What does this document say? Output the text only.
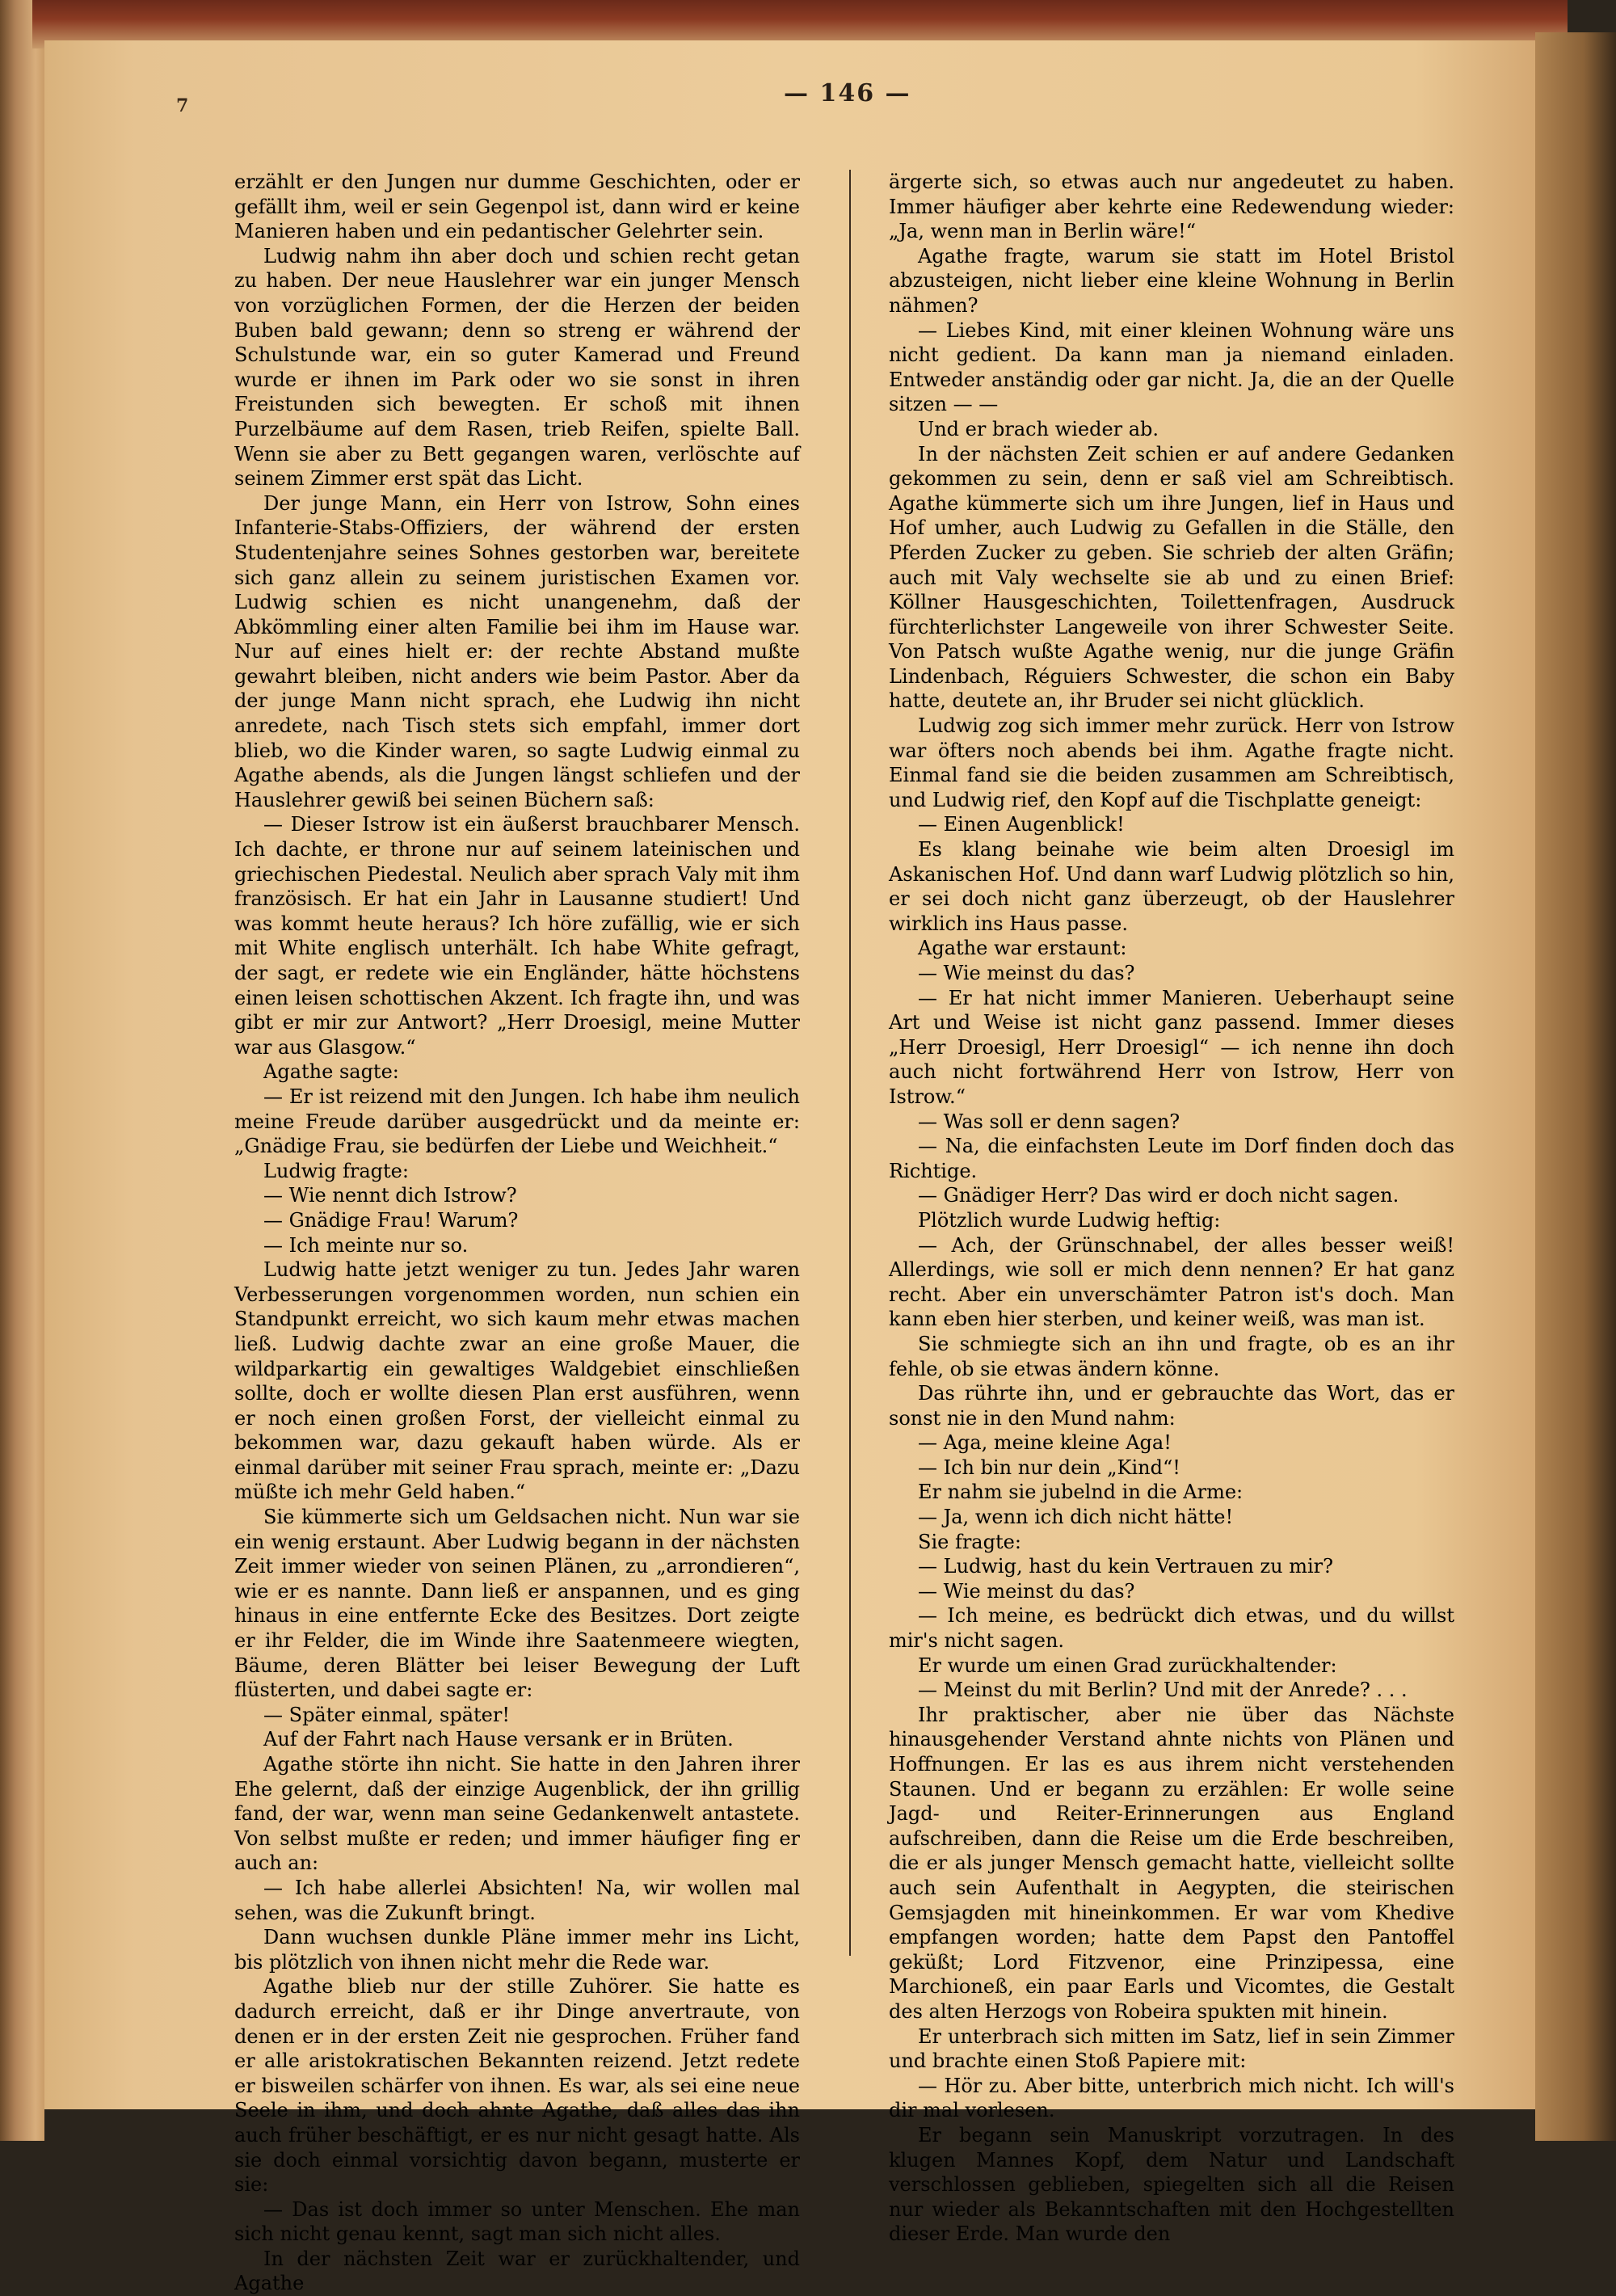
7	— 146 —

erzählt er den Jungen nur dumme Geschichten, oder er gefällt ihm, weil er sein Gegenpol ist, dann wird er keine Manieren haben und ein pedantischer Gelehrter sein.

Ludwig nahm ihn aber doch und schien recht getan zu haben. Der neue Hauslehrer war ein junger Mensch von vorzüglichen Formen, der die Herzen der beiden Buben bald gewann; denn so streng er während der Schulstunde war, ein so guter Kamerad und Freund wurde er ihnen im Park oder wo sie sonst in ihren Freistunden sich bewegten. Er schoß mit ihnen Purzelbäume auf dem Rasen, trieb Reifen, spielte Ball. Wenn sie aber zu Bett gegangen waren, verlöschte auf seinem Zimmer erst spät das Licht.

Der junge Mann, ein Herr von Istrow, Sohn eines Infanterie-Stabs-Offiziers, der während der ersten Studentenjahre seines Sohnes gestorben war, bereitete sich ganz allein zu seinem juristischen Examen vor. Ludwig schien es nicht unangenehm, daß der Abkömmling einer alten Familie bei ihm im Hause war. Nur auf eines hielt er: der rechte Abstand mußte gewahrt bleiben, nicht anders wie beim Pastor. Aber da der junge Mann nicht sprach, ehe Ludwig ihn nicht anredete, nach Tisch stets sich empfahl, immer dort blieb, wo die Kinder waren, so sagte Ludwig einmal zu Agathe abends, als die Jungen längst schliefen und der Hauslehrer gewiß bei seinen Büchern saß:

— Dieser Istrow ist ein äußerst brauchbarer Mensch. Ich dachte, er throne nur auf seinem lateinischen und griechischen Piedestal. Neulich aber sprach Valy mit ihm französisch. Er hat ein Jahr in Lausanne studiert! Und was kommt heute heraus? Ich höre zufällig, wie er sich mit White englisch unterhält. Ich habe White gefragt, der sagt, er redete wie ein Engländer, hätte höchstens einen leisen schottischen Akzent. Ich fragte ihn, und was gibt er mir zur Antwort? „Herr Droesigl, meine Mutter war aus Glasgow.“

Agathe sagte:

— Er ist reizend mit den Jungen. Ich habe ihm neulich meine Freude darüber ausgedrückt und da meinte er: „Gnädige Frau, sie bedürfen der Liebe und Weichheit.“

Ludwig fragte:

— Wie nennt dich Istrow?

— Gnädige Frau! Warum?

— Ich meinte nur so.

Ludwig hatte jetzt weniger zu tun. Jedes Jahr waren Verbesserungen vorgenommen worden, nun schien ein Standpunkt erreicht, wo sich kaum mehr etwas machen ließ. Ludwig dachte zwar an eine große Mauer, die wildparkartig ein gewaltiges Waldgebiet einschließen sollte, doch er wollte diesen Plan erst ausführen, wenn er noch einen großen Forst, der vielleicht einmal zu bekommen war, dazu gekauft haben würde. Als er einmal darüber mit seiner Frau sprach, meinte er: „Dazu müßte ich mehr Geld haben.“

Sie kümmerte sich um Geldsachen nicht. Nun war sie ein wenig erstaunt. Aber Ludwig begann in der nächsten Zeit immer wieder von seinen Plänen, zu „arrondieren“, wie er es nannte. Dann ließ er anspannen, und es ging hinaus in eine entfernte Ecke des Besitzes. Dort zeigte er ihr Felder, die im Winde ihre Saatenmeere wiegten, Bäume, deren Blätter bei leiser Bewegung der Luft flüsterten, und dabei sagte er:

— Später einmal, später!

Auf der Fahrt nach Hause versank er in Brüten.

Agathe störte ihn nicht. Sie hatte in den Jahren ihrer Ehe gelernt, daß der einzige Augenblick, der ihn grillig fand, der war, wenn man seine Gedankenwelt antastete. Von selbst mußte er reden; und immer häufiger fing er auch an:

— Ich habe allerlei Absichten! Na, wir wollen mal sehen, was die Zukunft bringt.

Dann wuchsen dunkle Pläne immer mehr ins Licht, bis plötzlich von ihnen nicht mehr die Rede war.

Agathe blieb nur der stille Zuhörer. Sie hatte es dadurch erreicht, daß er ihr Dinge anvertraute, von denen er in der ersten Zeit nie gesprochen. Früher fand er alle aristokratischen Bekannten reizend. Jetzt redete er bisweilen schärfer von ihnen. Es war, als sei eine neue Seele in ihm, und doch ahnte Agathe, daß alles das ihn auch früher beschäftigt, er es nur nicht gesagt hatte. Als sie doch einmal vorsichtig davon begann, musterte er sie:

— Das ist doch immer so unter Menschen. Ehe man sich nicht genau kennt, sagt man sich nicht alles.

In der nächsten Zeit war er zurückhaltender, und Agathe

ärgerte sich, so etwas auch nur angedeutet zu haben. Immer häufiger aber kehrte eine Redewendung wieder: „Ja, wenn man in Berlin wäre!“

Agathe fragte, warum sie statt im Hotel Bristol abzusteigen, nicht lieber eine kleine Wohnung in Berlin nähmen?

— Liebes Kind, mit einer kleinen Wohnung wäre uns nicht gedient. Da kann man ja niemand einladen. Entweder anständig oder gar nicht. Ja, die an der Quelle sitzen — —

Und er brach wieder ab.

In der nächsten Zeit schien er auf andere Gedanken gekommen zu sein, denn er saß viel am Schreibtisch. Agathe kümmerte sich um ihre Jungen, lief in Haus und Hof umher, auch Ludwig zu Gefallen in die Ställe, den Pferden Zucker zu geben. Sie schrieb der alten Gräfin; auch mit Valy wechselte sie ab und zu einen Brief: Köllner Hausgeschichten, Toilettenfragen, Ausdruck fürchterlichster Langeweile von ihrer Schwester Seite. Von Patsch wußte Agathe wenig, nur die junge Gräfin Lindenbach, Réguiers Schwester, die schon ein Baby hatte, deutete an, ihr Bruder sei nicht glücklich.

Ludwig zog sich immer mehr zurück. Herr von Istrow war öfters noch abends bei ihm. Agathe fragte nicht. Einmal fand sie die beiden zusammen am Schreibtisch, und Ludwig rief, den Kopf auf die Tischplatte geneigt:

— Einen Augenblick!

Es klang beinahe wie beim alten Droesigl im Askanischen Hof. Und dann warf Ludwig plötzlich so hin, er sei doch nicht ganz überzeugt, ob der Hauslehrer wirklich ins Haus passe.

Agathe war erstaunt:

— Wie meinst du das?

— Er hat nicht immer Manieren. Ueberhaupt seine Art und Weise ist nicht ganz passend. Immer dieses „Herr Droesigl, Herr Droesigl“ — ich nenne ihn doch auch nicht fortwährend Herr von Istrow, Herr von Istrow.“

— Was soll er denn sagen?

— Na, die einfachsten Leute im Dorf finden doch das Richtige.

— Gnädiger Herr? Das wird er doch nicht sagen.

Plötzlich wurde Ludwig heftig:

— Ach, der Grünschnabel, der alles besser weiß! Allerdings, wie soll er mich denn nennen? Er hat ganz recht. Aber ein unverschämter Patron ist's doch. Man kann eben hier sterben, und keiner weiß, was man ist.

Sie schmiegte sich an ihn und fragte, ob es an ihr fehle, ob sie etwas ändern könne.

Das rührte ihn, und er gebrauchte das Wort, das er sonst nie in den Mund nahm:

— Aga, meine kleine Aga!

— Ich bin nur dein „Kind“!

Er nahm sie jubelnd in die Arme:

— Ja, wenn ich dich nicht hätte!

Sie fragte:

— Ludwig, hast du kein Vertrauen zu mir?

— Wie meinst du das?

— Ich meine, es bedrückt dich etwas, und du willst mir's nicht sagen.

Er wurde um einen Grad zurückhaltender:

— Meinst du mit Berlin? Und mit der Anrede? . . .

Ihr praktischer, aber nie über das Nächste hinausgehender Verstand ahnte nichts von Plänen und Hoffnungen. Er las es aus ihrem nicht verstehenden Staunen. Und er begann zu erzählen: Er wolle seine Jagd- und Reiter-Erinnerungen aus England aufschreiben, dann die Reise um die Erde beschreiben, die er als junger Mensch gemacht hatte, vielleicht sollte auch sein Aufenthalt in Aegypten, die steirischen Gemsjagden mit hineinkommen. Er war vom Khedive empfangen worden; hatte dem Papst den Pantoffel geküßt; Lord Fitzvenor, eine Prinzipessa, eine Marchioneß, ein paar Earls und Vicomtes, die Gestalt des alten Herzogs von Robeira spukten mit hinein.

Er unterbrach sich mitten im Satz, lief in sein Zimmer und brachte einen Stoß Papiere mit:

— Hör zu. Aber bitte, unterbrich mich nicht. Ich will's dir mal vorlesen.

Er begann sein Manuskript vorzutragen. In des klugen Mannes Kopf, dem Natur und Landschaft verschlossen geblieben, spiegelten sich all die Reisen nur wieder als Bekanntschaften mit den Hochgestellten dieser Erde. Man wurde den
